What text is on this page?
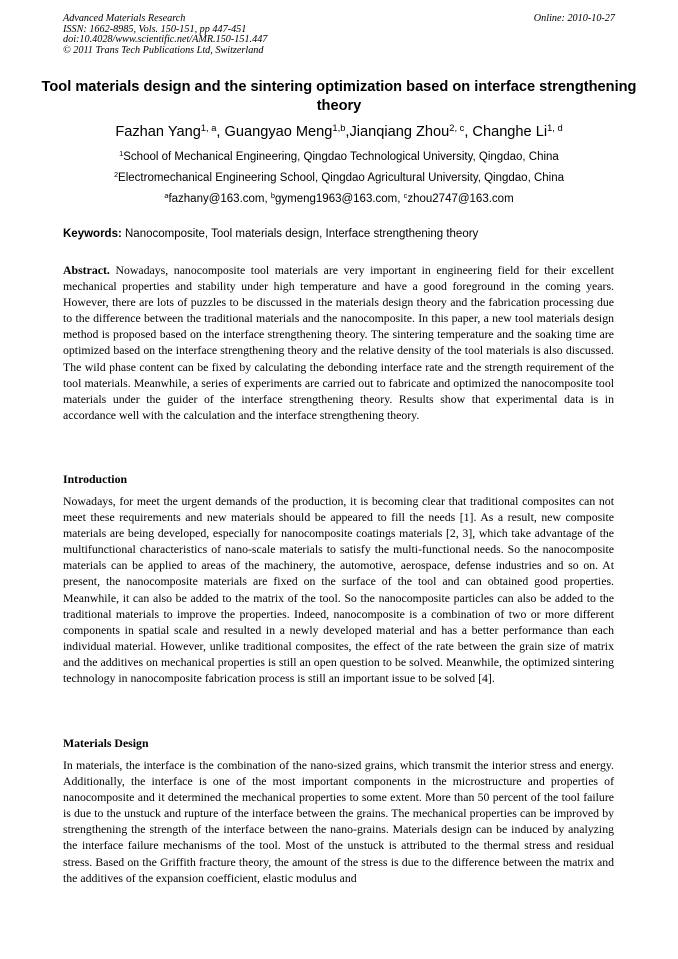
Advanced Materials Research
ISSN: 1662-8985, Vols. 150-151, pp 447-451
doi:10.4028/www.scientific.net/AMR.150-151.447
© 2011 Trans Tech Publications Ltd, Switzerland
Online: 2010-10-27
Tool materials design and the sintering optimization based on interface strengthening theory
Fazhan Yang$^{1, a}$, Guangyao Meng$^{1,b}$,Jianqiang Zhou$^{2, c}$, Changhe Li$^{1, d}$
$^1$School of Mechanical Engineering, Qingdao Technological University, Qingdao, China
$^2$Electromechanical Engineering School, Qingdao Agricultural University, Qingdao, China
$^a$fazhany@163.com, $^b$gymeng1963@163.com, $^c$zhou2747@163.com
Keywords: Nanocomposite, Tool materials design, Interface strengthening theory
Abstract. Nowadays, nanocomposite tool materials are very important in engineering field for their excellent mechanical properties and stability under high temperature and have a good foreground in the coming years. However, there are lots of puzzles to be discussed in the materials design theory and the fabrication processing due to the difference between the traditional materials and the nanocomposite. In this paper, a new tool materials design method is proposed based on the interface strengthening theory. The sintering temperature and the soaking time are optimized based on the interface strengthening theory and the relative density of the tool materials is also discussed. The wild phase content can be fixed by calculating the debonding interface rate and the strength requirement of the tool materials. Meanwhile, a series of experiments are carried out to fabricate and optimized the nanocomposite tool materials under the guider of the interface strengthening theory. Results show that experimental data is in accordance well with the calculation and the interface strengthening theory.
Introduction
Nowadays, for meet the urgent demands of the production, it is becoming clear that traditional composites can not meet these requirements and new materials should be appeared to fill the needs [1]. As a result, new composite materials are being developed, especially for nanocomposite coatings materials [2, 3], which take advantage of the multifunctional characteristics of nano-scale materials to satisfy the multi-functional needs. So the nanocomposite materials can be applied to areas of the machinery, the automotive, aerospace, defense industries and so on. At present, the nanocomposite materials are fixed on the surface of the tool and can obtained good properties. Meanwhile, it can also be added to the matrix of the tool. So the nanocomposite particles can also be added to the traditional materials to improve the properties. Indeed, nanocomposite is a combination of two or more different components in spatial scale and resulted in a newly developed material and has a better performance than each individual material. However, unlike traditional composites, the effect of the rate between the grain size of matrix and the additives on mechanical properties is still an open question to be solved. Meanwhile, the optimized sintering technology in nanocomposite fabrication process is still an important issue to be solved [4].
Materials Design
In materials, the interface is the combination of the nano-sized grains, which transmit the interior stress and energy. Additionally, the interface is one of the most important components in the microstructure and properties of nanocomposite and it determined the mechanical properties to some extent. More than 50 percent of the tool failure is due to the unstuck and rupture of the interface between the grains. The mechanical properties can be improved by strengthening the strength of the interface between the nano-grains. Materials design can be induced by analyzing the interface failure mechanisms of the tool. Most of the unstuck is attributed to the thermal stress and residual stress. Based on the Griffith fracture theory, the amount of the stress is due to the difference between the matrix and the additives of the expansion coefficient, elastic modulus and
